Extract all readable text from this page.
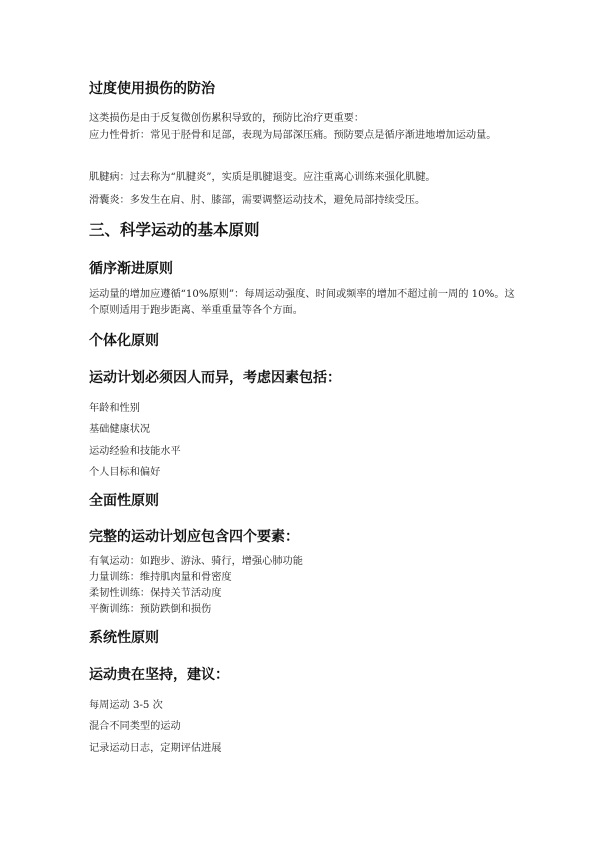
过度使用损伤的防治

这类损伤是由于反复微创伤累积导致的，预防比治疗更重要：

应力性骨折：常见于胫骨和足部，表现为局部深压痛。预防要点是循序渐进地增加运动量。

肌腱病：过去称为“肌腱炎”，实质是肌腱退变。应注重离心训练来强化肌腱。

滑囊炎：多发生在肩、肘、膝部，需要调整运动技术，避免局部持续受压。

三、科学运动的基本原则
循序渐进原则

运动量的增加应遵循“10%原则”：每周运动强度、时间或频率的增加不超过前一周的 10%。这个原则适用于跑步距离、举重重量等各个方面。

个体化原则
运动计划必须因人而异，考虑因素包括：

年龄和性别

基础健康状况

运动经验和技能水平

个人目标和偏好

全面性原则
完整的运动计划应包含四个要素：

有氧运动：如跑步、游泳、骑行，增强心肺功能

力量训练：维持肌肉量和骨密度

柔韧性训练：保持关节活动度

平衡训练：预防跌倒和损伤

系统性原则
运动贵在坚持，建议：

每周运动 3-5 次

混合不同类型的运动

记录运动日志，定期评估进展
